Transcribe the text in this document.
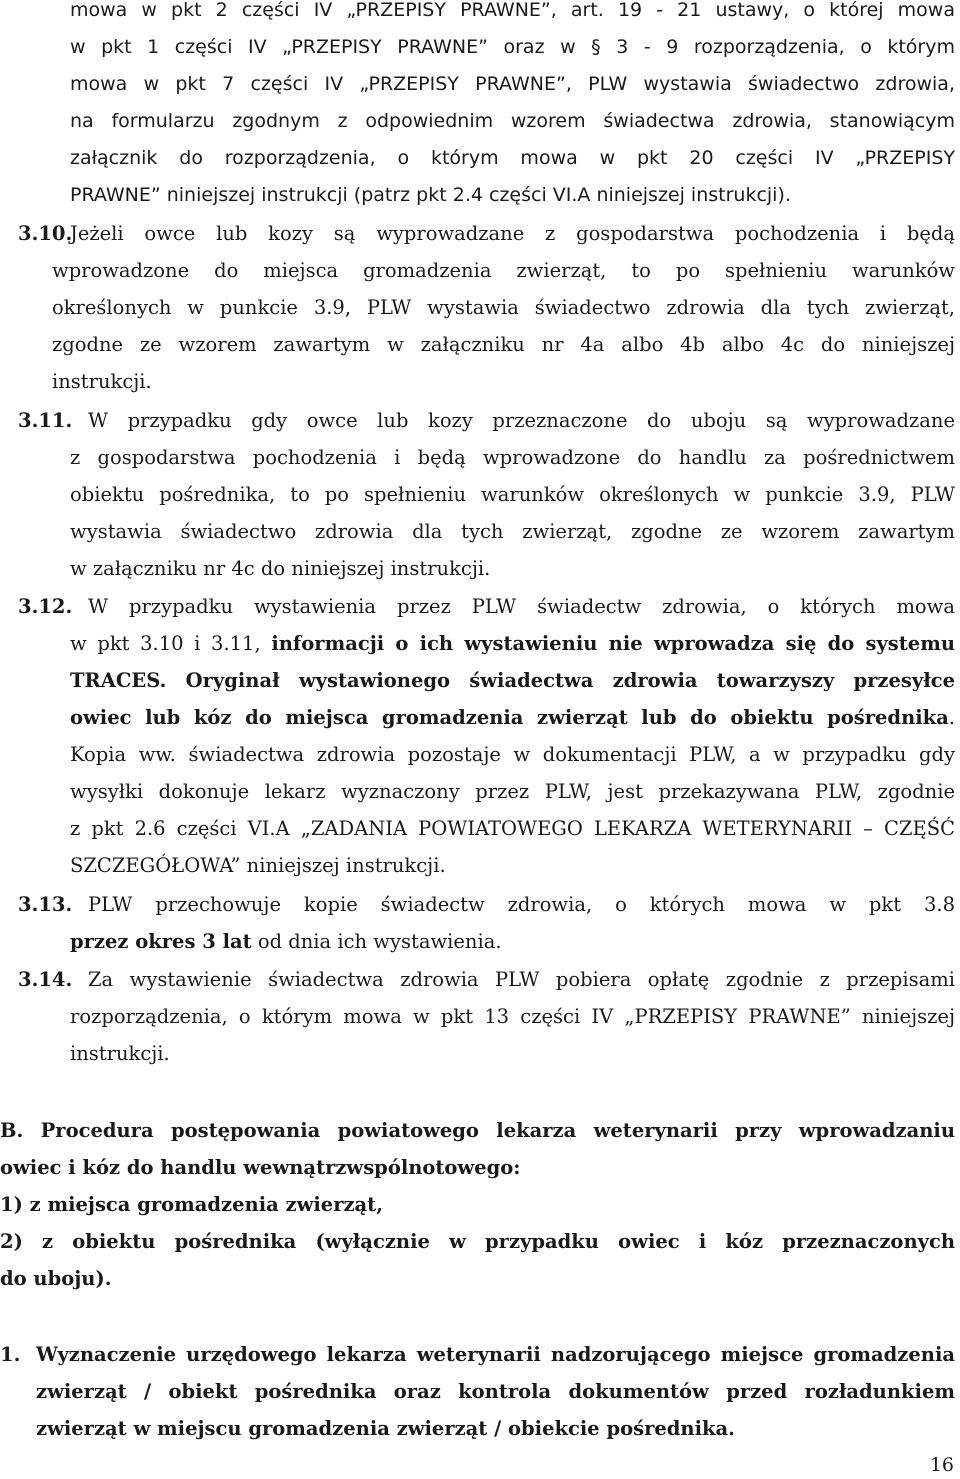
mowa w pkt 2 części IV „PRZEPISY PRAWNE”, art. 19 - 21 ustawy, o której mowa
w pkt 1 części IV „PRZEPISY PRAWNE” oraz w § 3 - 9 rozporządzenia, o którym
mowa w pkt 7 części IV „PRZEPISY PRAWNE”, PLW wystawia świadectwo zdrowia,
na formularzu zgodnym z odpowiednim wzorem świadectwa zdrowia, stanowiącym
załącznik do rozporządzenia, o którym mowa w pkt 20 części IV „PRZEPISY
PRAWNE” niniejszej instrukcji (patrz pkt 2.4 części VI.A niniejszej instrukcji).
3.10.
Jeżeli owce lub kozy są wyprowadzane z gospodarstwa pochodzenia i będą
wprowadzone do miejsca gromadzenia zwierząt, to po spełnieniu warunków
określonych w punkcie 3.9, PLW wystawia świadectwo zdrowia dla tych zwierząt,
zgodne ze wzorem zawartym w załączniku nr 4a albo 4b albo 4c do niniejszej
instrukcji.
3.11. W przypadku gdy owce lub kozy przeznaczone do uboju są wyprowadzane
z gospodarstwa pochodzenia i będą wprowadzone do handlu za pośrednictwem
obiektu pośrednika, to po spełnieniu warunków określonych w punkcie 3.9, PLW
wystawia świadectwo zdrowia dla tych zwierząt, zgodne ze wzorem zawartym
w załączniku nr 4c do niniejszej instrukcji.
3.12. W przypadku wystawienia przez PLW świadectw zdrowia, o których mowa
w pkt 3.10 i 3.11, informacji o ich wystawieniu nie wprowadza się do systemu
TRACES. Oryginał wystawionego świadectwa zdrowia towarzyszy przesyłce
owiec lub kóz do miejsca gromadzenia zwierząt lub do obiektu pośrednika.
Kopia ww. świadectwa zdrowia pozostaje w dokumentacji PLW, a w przypadku gdy
wysyłki dokonuje lekarz wyznaczony przez PLW, jest przekazywana PLW, zgodnie
z pkt 2.6 części VI.A „ZADANIA POWIATOWEGO LEKARZA WETERYNARII – CZĘŚĆ
SZCZEGÓŁOWA” niniejszej instrukcji.
3.13. PLW przechowuje kopie świadectw zdrowia, o których mowa w pkt 3.8
przez okres 3 lat od dnia ich wystawienia.
3.14. Za wystawienie świadectwa zdrowia PLW pobiera opłatę zgodnie z przepisami
rozporządzenia, o którym mowa w pkt 13 części IV „PRZEPISY PRAWNE” niniejszej
instrukcji.
B. Procedura postępowania powiatowego lekarza weterynarii przy wprowadzaniu
owiec i kóz do handlu wewnątrzwspólnotowego:
1) z miejsca gromadzenia zwierząt,
2) z obiektu pośrednika (wyłącznie w przypadku owiec i kóz przeznaczonych
do uboju).
1. Wyznaczenie urzędowego lekarza weterynarii nadzorującego miejsce gromadzenia
zwierząt / obiekt pośrednika oraz kontrola dokumentów przed rozładunkiem
zwierząt w miejscu gromadzenia zwierząt / obiekcie pośrednika.
16
